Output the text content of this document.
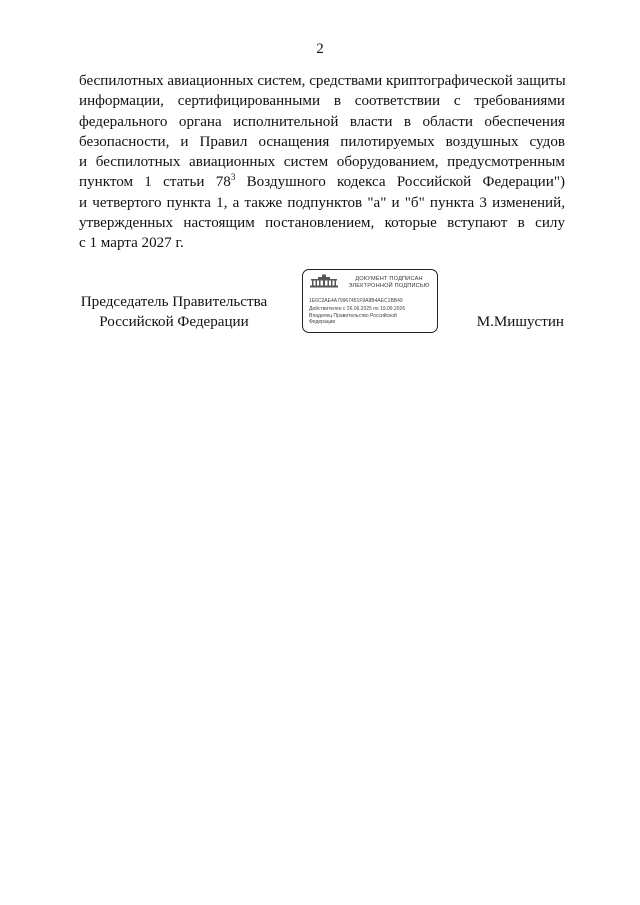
2
беспилотных авиационных систем, средствами криптографической защиты
информации, сертифицированными в соответствии с требованиями
федерального органа исполнительной власти в области обеспечения
безопасности, и Правил оснащения пилотируемых воздушных судов
и беспилотных авиационных систем оборудованием, предусмотренным
пунктом 1 статьи $78^3$ Воздушного кодекса Российской Федерации")
и четвертого пункта 1, а также подпунктов "а" и "б" пункта 3 изменений,
утвержденных настоящим постановлением, которые вступают в силу
с 1 марта 2027 г.
Председатель Правительства
Российской Федерации
ДОКУМЕНТ ПОДПИСАН
ЭЛЕКТРОННОЙ ПОДПИСЬЮ
1E6C2AE4A79967451F9A8B4AEC1BB49
Действителен с 26.06.2025 по 19.09.2026
Владелец Правительство Российской
Федерации	М.Мишустин
